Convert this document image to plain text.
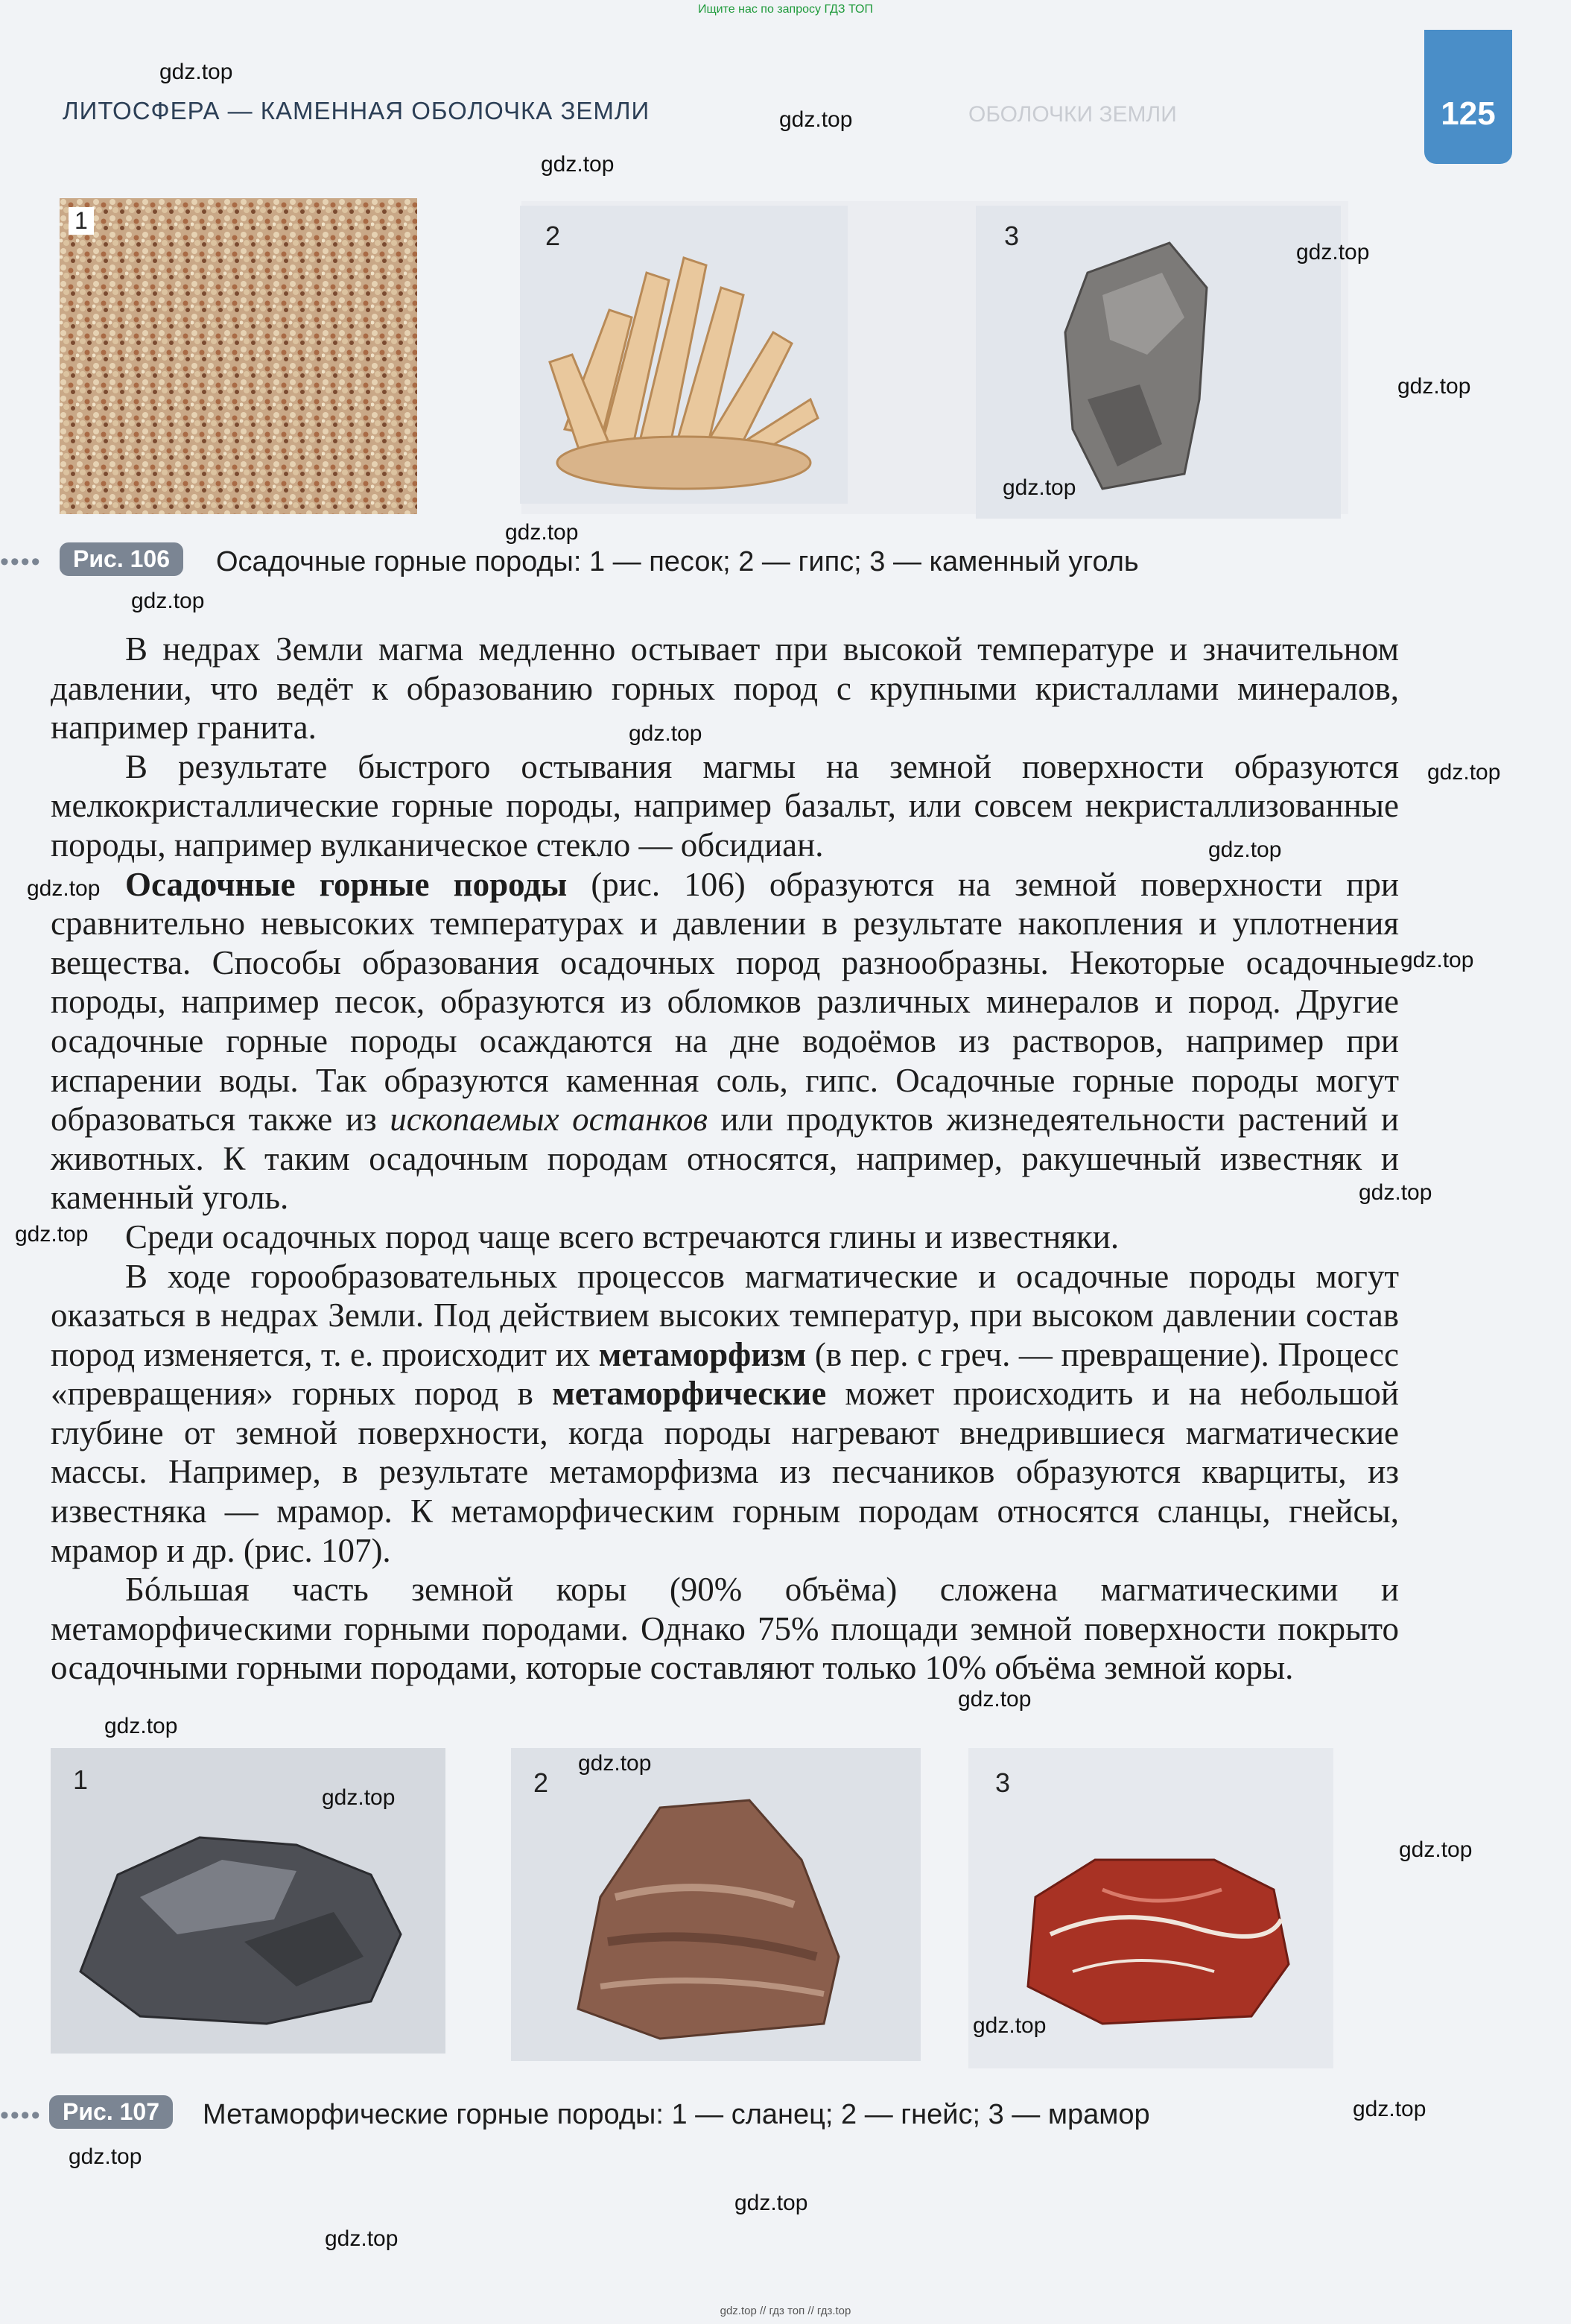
Ищите нас по запросу ГДЗ ТОП
ОБОЛОЧКИ ЗЕМЛИ
ЛИТОСФЕРА — КАМЕННАЯ ОБОЛОЧКА ЗЕМЛИ	125
1	2	3
••••	Рис. 106	Осадочные горные породы: 1 — песок; 2 — гипс; 3 — каменный уголь

В недрах Земли магма медленно остывает при высокой температуре и значительном давлении, что ведёт к образованию горных пород с крупными кристаллами минералов, например гранита.

В результате быстрого остывания магмы на земной поверхности образуются мелкокристаллические горные породы, например базальт, или совсем некристаллизованные породы, например вулканическое стекло — обсидиан.

Осадочные горные породы (рис. 106) образуются на земной поверхности при сравнительно невысоких температурах и давлении в результате накопления и уплотнения вещества. Способы образования осадочных пород разнообразны. Некоторые осадочные породы, например песок, образуются из обломков различных минералов и пород. Другие осадочные горные породы осаждаются на дне водоёмов из растворов, например при испарении воды. Так образуются каменная соль, гипс. Осадочные горные породы могут образоваться также из ископаемых останков или продуктов жизнедеятельности растений и животных. К таким осадочным породам относятся, например, ракушечный известняк и каменный уголь.

Среди осадочных пород чаще всего встречаются глины и известняки.

В ходе горообразовательных процессов магматические и осадочные породы могут оказаться в недрах Земли. Под действием высоких температур, при высоком давлении состав пород изменяется, т. е. происходит их метаморфизм (в пер. с греч. — превращение). Процесс «превращения» горных пород в метаморфические может происходить и на небольшой глубине от земной поверхности, когда породы нагревают внедрившиеся магматические массы. Например, в результате метаморфизма из песчаников образуются кварциты, из известняка — мрамор. К метаморфическим горным породам относятся сланцы, гнейсы, мрамор и др. (рис. 107).

Бóльшая часть земной коры (90% объёма) сложена магматическими и метаморфическими горными породами. Однако 75% площади земной поверхности покрыто осадочными горными породами, которые составляют только 10% объёма земной коры.

1	2	3
•••• Рис. 107	Метаморфические горные породы: 1 — сланец; 2 — гнейс; 3 — мрамор
gdz.top
gdz.top
gdz.top
gdz.top
gdz.top
gdz.top
gdz.top
gdz.top
gdz.top
gdz.top
gdz.top
gdz.top
gdz.top
gdz.top
gdz.top
gdz.top
gdz.top
gdz.top
gdz.top
gdz.top
gdz.top
gdz.top
gdz.top
gdz.top
gdz.top
gdz.top // гдз топ // гдз.top
